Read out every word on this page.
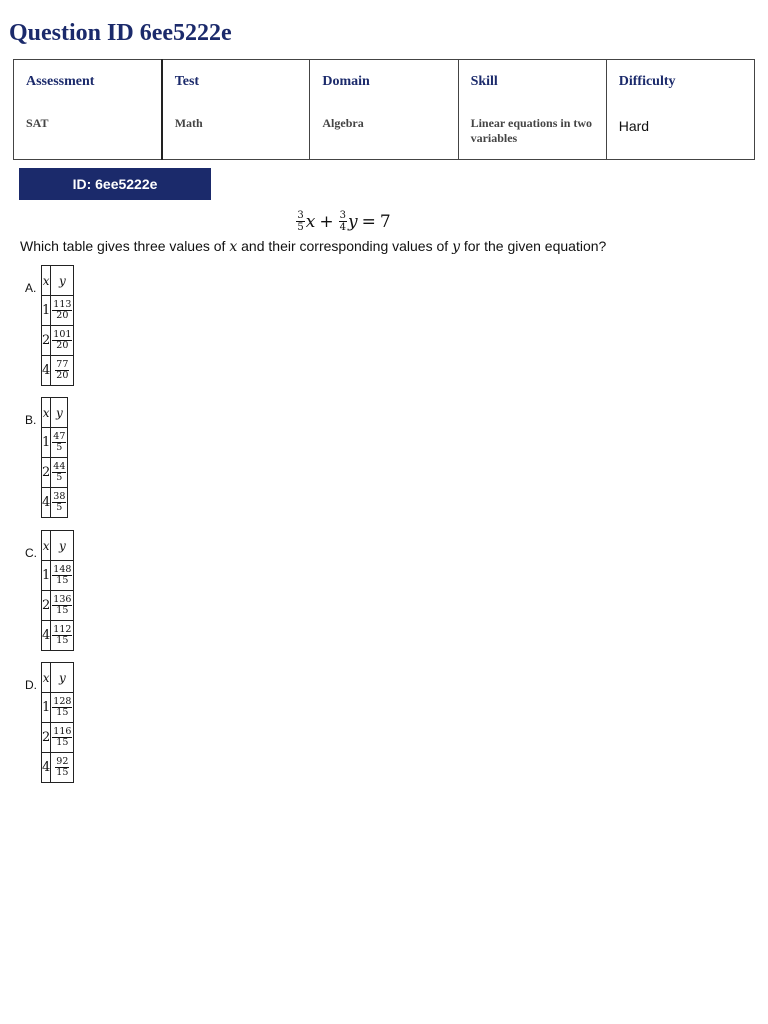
Question ID 6ee5222e
Assessment
SAT

Test
Math

Domain
Algebra

Skill
Linear equations in two variables

Difficulty
Hard
ID: 6ee5222e
$\frac{3}{5}$ $x + \frac{3}{4}$ y = 7

Which table gives three values of x and their corresponding values of y for the given equation?

A.
x	y
1	$\frac{113}{20}$

2	$\frac{101}{20}$

4	$\frac{77}{20}$
B.
x	y
1	$\frac{47}{5}$

2	$\frac{44}{5}$

4	$\frac{38}{5}$
C.
x	y
1	$\frac{148}{15}$

2	$\frac{136}{15}$

4	$\frac{112}{15}$
D.
x	y
1	$\frac{128}{15}$

2	$\frac{116}{15}$

4	$\frac{92}{15}$
